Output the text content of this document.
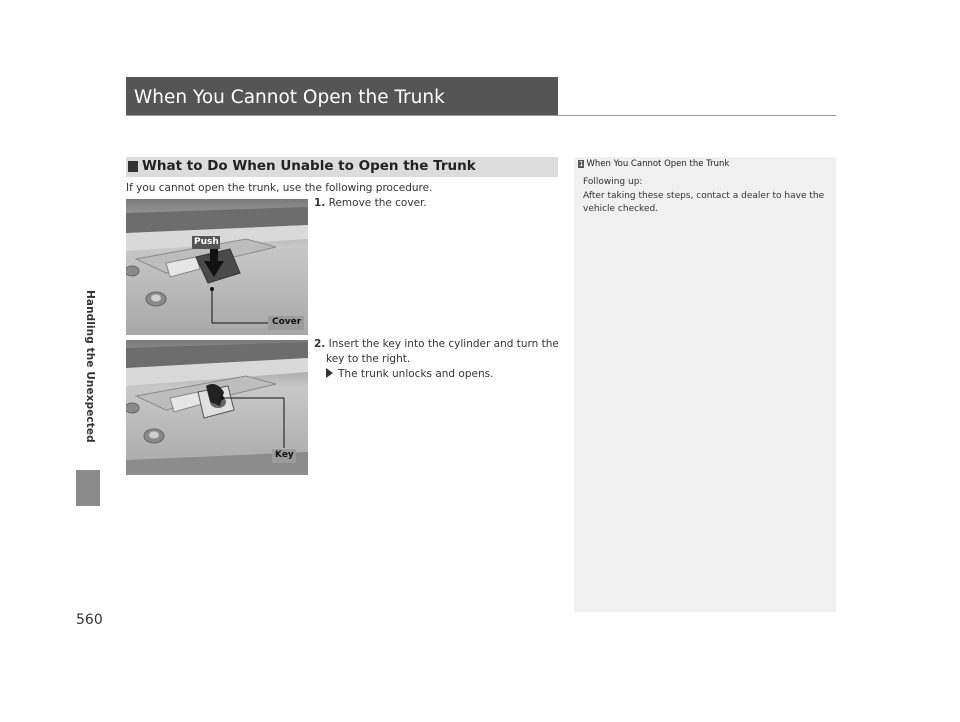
Handling the Unexpected
560
When You Cannot Open the Trunk
What to Do When Unable to Open the Trunk
If you cannot open the trunk, use the following procedure.
Push
Cover
Key
1. Remove the cover.
2. Insert the key into the cylinder and turn the
key to the right.
The trunk unlocks and opens.
1 When You Cannot Open the Trunk
Following up:
After taking these steps, contact a dealer to have the
vehicle checked.
